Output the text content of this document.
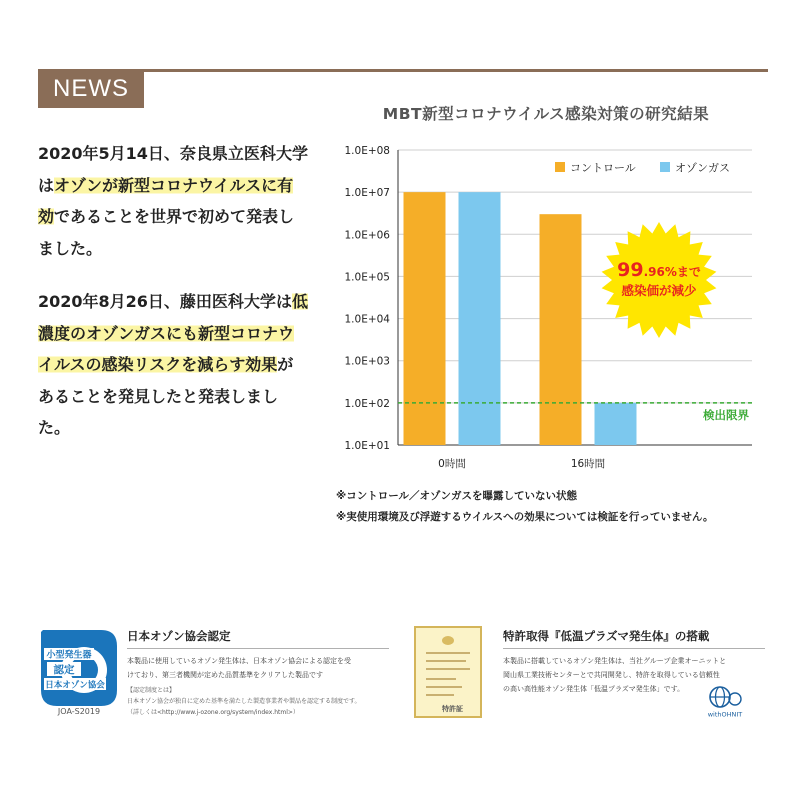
NEWS
2020年5月14日、奈良県立医科大学はオゾンが新型コロナウイルスに有効であることを世界で初めて発表しました。
2020年8月26日、藤田医科大学は低濃度のオゾンガスにも新型コロナウイルスの感染リスクを減らす効果があることを発見したと発表しました。
MBT新型コロナウイルス感染対策の研究結果
1.0E+01
1.0E+02
1.0E+03
1.0E+04
1.0E+05
1.0E+06
1.0E+07
1.0E+08
0時間	16時間
検出限界
コントロール	オゾンガス
99.96%まで
感染価が減少
※コントロール／オゾンガスを曝露していない状態
※実使用環境及び浮遊するウイルスへの効果については検証を行っていません。
小型発生器
認定
日本オゾン協会
JOA-S2019
日本オゾン協会認定
本製品に使用しているオゾン発生体は、日本オゾン協会による認定を受
けており、第三者機関が定めた品質基準をクリアした製品です
【認定制度とは】
日本オゾン協会が独自に定めた基準を満たした製造事業者や製品を認定する制度です。
（詳しくは<http://www.j-ozone.org/system/index.html>）	特許証
特許取得『低温プラズマ発生体』の搭載
本製品に搭載しているオゾン発生体は、当社グループ企業オーニットと
岡山県工業技術センターとで共同開発し、特許を取得している信頼性
の高い高性能オゾン発生体「低温プラズマ発生体」です。
withOHNIT
